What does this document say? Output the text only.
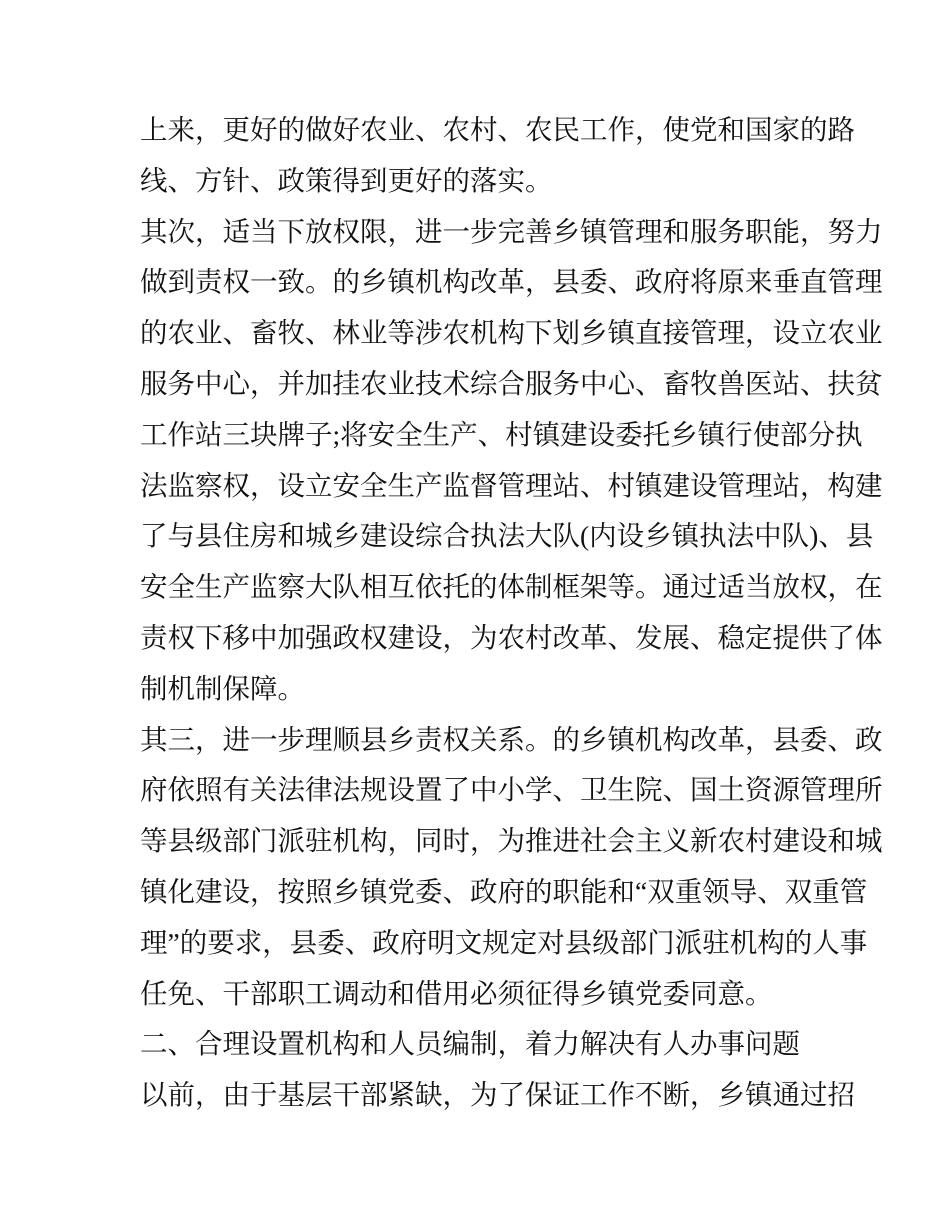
上来，更好的做好农业、农村、农民工作，使党和国家的路
线、方针、政策得到更好的落实。
其次，适当下放权限，进一步完善乡镇管理和服务职能，努力
做到责权一致。的乡镇机构改革，县委、政府将原来垂直管理
的农业、畜牧、林业等涉农机构下划乡镇直接管理，设立农业
服务中心，并加挂农业技术综合服务中心、畜牧兽医站、扶贫
工作站三块牌子;将安全生产、村镇建设委托乡镇行使部分执
法监察权，设立安全生产监督管理站、村镇建设管理站，构建
了与县住房和城乡建设综合执法大队(内设乡镇执法中队)、县
安全生产监察大队相互依托的体制框架等。通过适当放权，在
责权下移中加强政权建设，为农村改革、发展、稳定提供了体
制机制保障。
其三，进一步理顺县乡责权关系。的乡镇机构改革，县委、政
府依照有关法律法规设置了中小学、卫生院、国土资源管理所
等县级部门派驻机构，同时，为推进社会主义新农村建设和城
镇化建设，按照乡镇党委、政府的职能和“双重领导、双重管
理”的要求，县委、政府明文规定对县级部门派驻机构的人事
任免、干部职工调动和借用必须征得乡镇党委同意。
二、合理设置机构和人员编制，着力解决有人办事问题
以前，由于基层干部紧缺，为了保证工作不断，乡镇通过招
